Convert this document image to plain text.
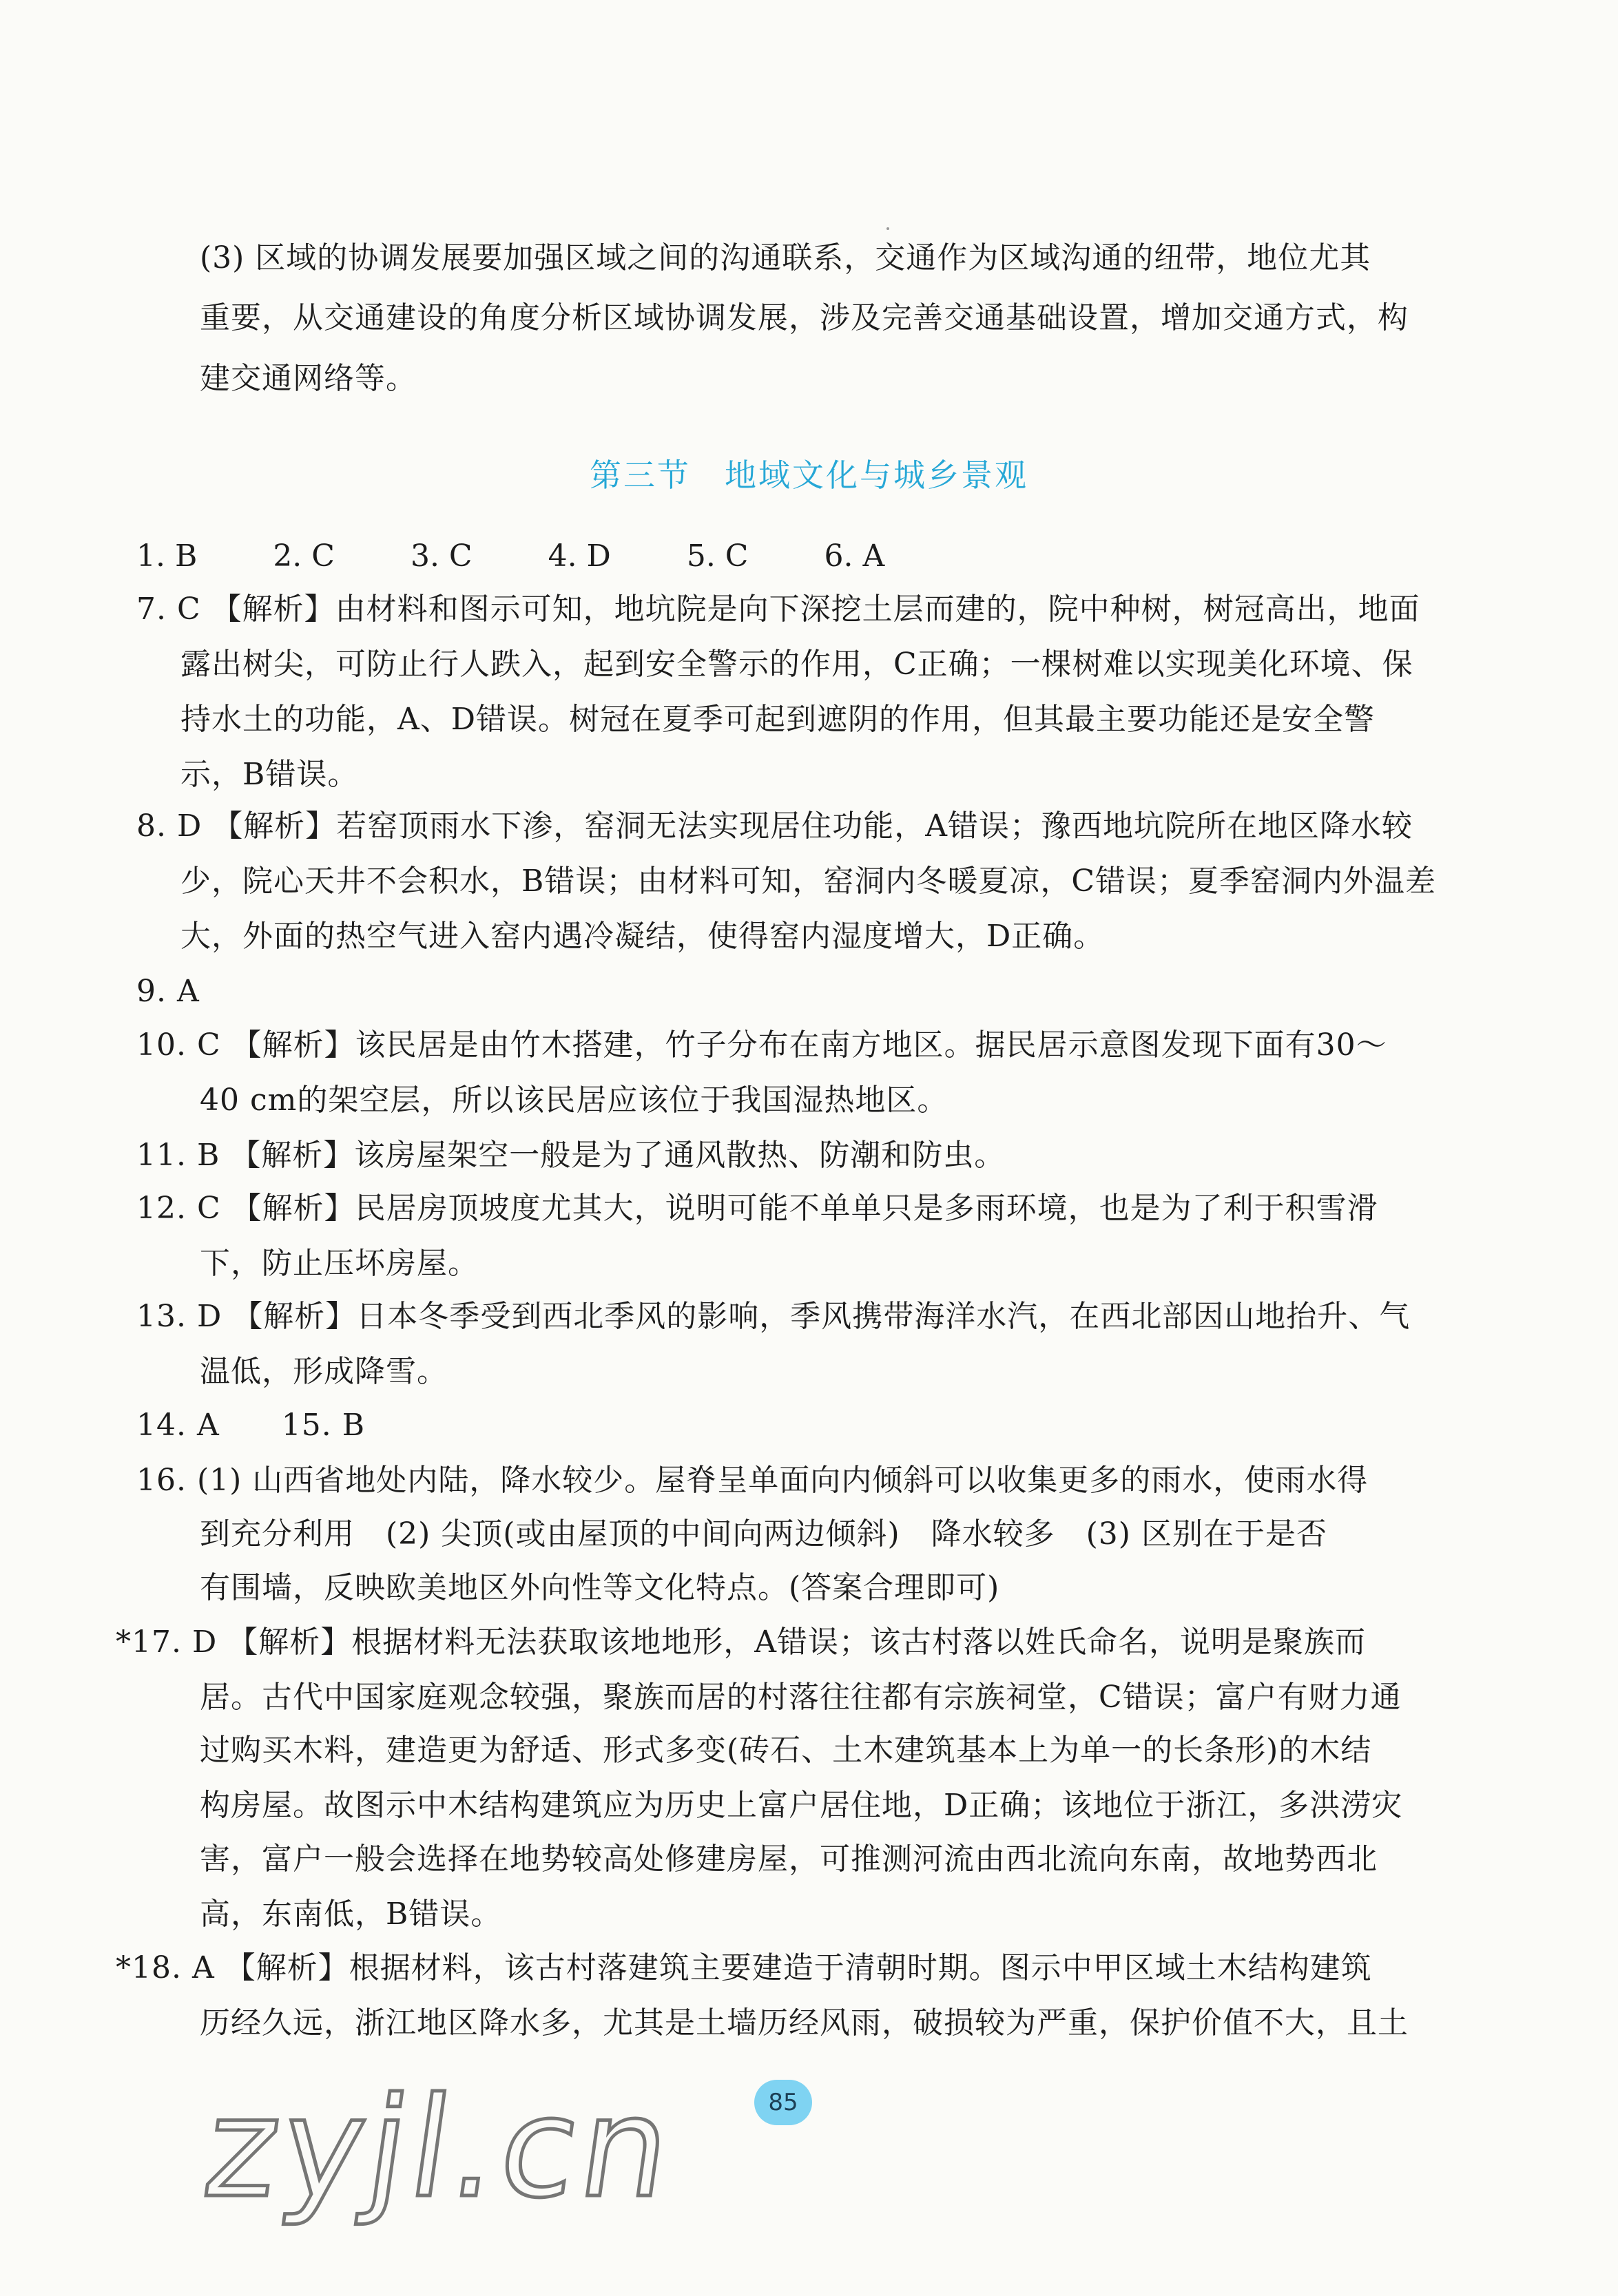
(3) 区域的协调发展要加强区域之间的沟通联系，交通作为区域沟通的纽带，地位尤其
重要，从交通建设的角度分析区域协调发展，涉及完善交通基础设置，增加交通方式，构
建交通网络等。
第三节　地域文化与城乡景观
1. B	2. C	3. C	4. D	5. C	6. A
7. C 【解析】由材料和图示可知，地坑院是向下深挖土层而建的，院中种树，树冠高出，地面
露出树尖，可防止行人跌入，起到安全警示的作用，C正确；一棵树难以实现美化环境、保
持水土的功能，A、D错误。树冠在夏季可起到遮阴的作用，但其最主要功能还是安全警
示，B错误。
8. D 【解析】若窑顶雨水下渗，窑洞无法实现居住功能，A错误；豫西地坑院所在地区降水较
少，院心天井不会积水，B错误；由材料可知，窑洞内冬暖夏凉，C错误；夏季窑洞内外温差
大，外面的热空气进入窑内遇冷凝结，使得窑内湿度增大，D正确。
9. A
10. C 【解析】该民居是由竹木搭建，竹子分布在南方地区。据民居示意图发现下面有30～
40 cm的架空层，所以该民居应该位于我国湿热地区。
11. B 【解析】该房屋架空一般是为了通风散热、防潮和防虫。
12. C 【解析】民居房顶坡度尤其大，说明可能不单单只是多雨环境，也是为了利于积雪滑
下，防止压坏房屋。
13. D 【解析】日本冬季受到西北季风的影响，季风携带海洋水汽，在西北部因山地抬升、气
温低，形成降雪。
14. A　　15. B
16. (1) 山西省地处内陆，降水较少。屋脊呈单面向内倾斜可以收集更多的雨水，使雨水得
到充分利用　(2) 尖顶(或由屋顶的中间向两边倾斜)　降水较多　(3) 区别在于是否
有围墙，反映欧美地区外向性等文化特点。(答案合理即可)
*17. D 【解析】根据材料无法获取该地地形，A错误；该古村落以姓氏命名，说明是聚族而
居。古代中国家庭观念较强，聚族而居的村落往往都有宗族祠堂，C错误；富户有财力通
过购买木料，建造更为舒适、形式多变(砖石、土木建筑基本上为单一的长条形)的木结
构房屋。故图示中木结构建筑应为历史上富户居住地，D正确；该地位于浙江，多洪涝灾
害，富户一般会选择在地势较高处修建房屋，可推测河流由西北流向东南，故地势西北
高，东南低，B错误。
*18. A 【解析】根据材料，该古村落建筑主要建造于清朝时期。图示中甲区域土木结构建筑
历经久远，浙江地区降水多，尤其是土墙历经风雨，破损较为严重，保护价值不大，且土
zyjl.cn	85
